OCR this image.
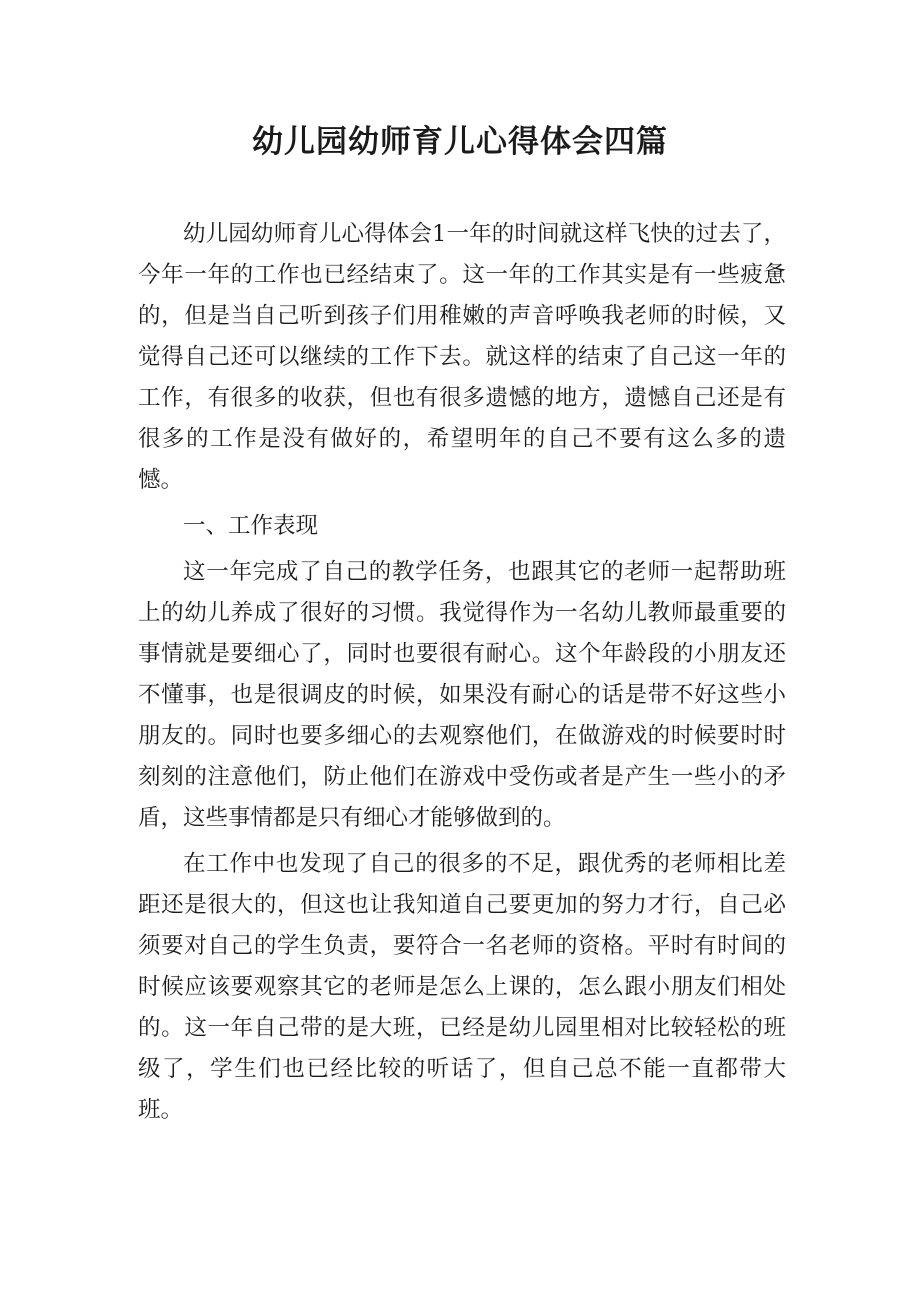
幼儿园幼师育儿心得体会四篇

幼儿园幼师育儿心得体会1一年的时间就这样飞快的过去了，今年一年的工作也已经结束了。这一年的工作其实是有一些疲惫的，但是当自己听到孩子们用稚嫩的声音呼唤我老师的时候，又觉得自己还可以继续的工作下去。就这样的结束了自己这一年的工作，有很多的收获，但也有很多遗憾的地方，遗憾自己还是有很多的工作是没有做好的，希望明年的自己不要有这么多的遗憾。

一、工作表现

这一年完成了自己的教学任务，也跟其它的老师一起帮助班上的幼儿养成了很好的习惯。我觉得作为一名幼儿教师最重要的事情就是要细心了，同时也要很有耐心。这个年龄段的小朋友还不懂事，也是很调皮的时候，如果没有耐心的话是带不好这些小朋友的。同时也要多细心的去观察他们，在做游戏的时候要时时刻刻的注意他们，防止他们在游戏中受伤或者是产生一些小的矛盾，这些事情都是只有细心才能够做到的。

在工作中也发现了自己的很多的不足，跟优秀的老师相比差距还是很大的，但这也让我知道自己要更加的努力才行，自己必须要对自己的学生负责，要符合一名老师的资格。平时有时间的时候应该要观察其它的老师是怎么上课的，怎么跟小朋友们相处的。这一年自己带的是大班，已经是幼儿园里相对比较轻松的班级了，学生们也已经比较的听话了，但自己总不能一直都带大班。
